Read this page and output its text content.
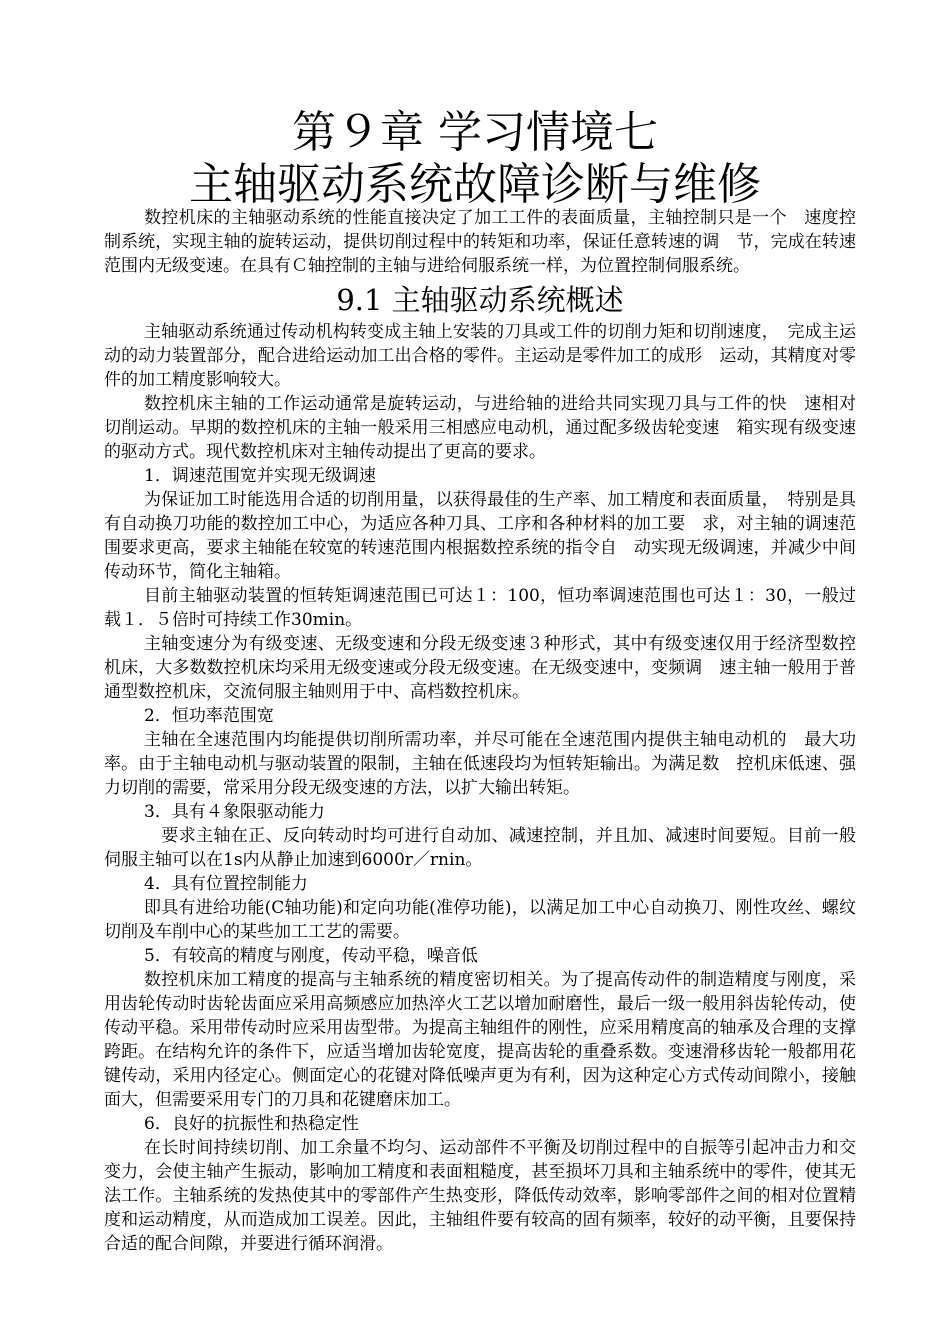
第９章 学习情境七
主轴驱动系统故障诊断与维修

数控机床的主轴驱动系统的性能直接决定了加工工件的表面质量，主轴控制只是一个　速度控制系统，实现主轴的旋转运动，提供切削过程中的转矩和功率，保证任意转速的调　节，完成在转速范围内无级变速。在具有Ｃ轴控制的主轴与进给伺服系统一样，为位置控制伺服系统。

9.1 主轴驱动系统概述

主轴驱动系统通过传动机构转变成主轴上安装的刀具或工件的切削力矩和切削速度，　完成主运动的动力装置部分，配合进给运动加工出合格的零件。主运动是零件加工的成形　运动，其精度对零件的加工精度影响较大。

数控机床主轴的工作运动通常是旋转运动，与进给轴的进给共同实现刀具与工件的快　速相对切削运动。早期的数控机床的主轴一般采用三相感应电动机，通过配多级齿轮变速　箱实现有级变速的驱动方式。现代数控机床对主轴传动提出了更高的要求。

1．调速范围宽并实现无级调速

为保证加工时能选用合适的切削用量，以获得最佳的生产率、加工精度和表面质量，　特别是具有自动换刀功能的数控加工中心，为适应各种刀具、工序和各种材料的加工要　求，对主轴的调速范围要求更高，要求主轴能在较宽的转速范围内根据数控系统的指令自　动实现无级调速，并减少中间传动环节，简化主轴箱。

目前主轴驱动装置的恒转矩调速范围已可达１：100，恒功率调速范围也可达１：30，一般过载１．５倍时可持续工作30min。

主轴变速分为有级变速、无级变速和分段无级变速３种形式，其中有级变速仅用于经济型数控机床，大多数数控机床均采用无级变速或分段无级变速。在无级变速中，变频调　速主轴一般用于普通型数控机床，交流伺服主轴则用于中、高档数控机床。

2．恒功率范围宽

主轴在全速范围内均能提供切削所需功率，并尽可能在全速范围内提供主轴电动机的　最大功率。由于主轴电动机与驱动装置的限制，主轴在低速段均为恒转矩输出。为满足数　控机床低速、强力切削的需要，常采用分段无级变速的方法，以扩大输出转矩。

3．具有４象限驱动能力

　要求主轴在正、反向转动时均可进行自动加、减速控制，并且加、减速时间要短。目前一般伺服主轴可以在1s内从静止加速到6000r／rnin。

4．具有位置控制能力

即具有进给功能(C轴功能)和定向功能(准停功能)，以满足加工中心自动换刀、刚性攻丝、螺纹切削及车削中心的某些加工工艺的需要。

5．有较高的精度与刚度，传动平稳，噪音低

数控机床加工精度的提高与主轴系统的精度密切相关。为了提高传动件的制造精度与刚度，采用齿轮传动时齿轮齿面应采用高频感应加热淬火工艺以增加耐磨性，最后一级一般用斜齿轮传动，使传动平稳。采用带传动时应采用齿型带。为提高主轴组件的刚性，应采用精度高的轴承及合理的支撑跨距。在结构允许的条件下，应适当增加齿轮宽度，提高齿轮的重叠系数。变速滑移齿轮一般都用花键传动，采用内径定心。侧面定心的花键对降低噪声更为有利，因为这种定心方式传动间隙小，接触面大，但需要采用专门的刀具和花键磨床加工。

6．良好的抗振性和热稳定性

在长时间持续切削、加工余量不均匀、运动部件不平衡及切削过程中的自振等引起冲击力和交变力，会使主轴产生振动，影响加工精度和表面粗糙度，甚至损坏刀具和主轴系统中的零件，使其无法工作。主轴系统的发热使其中的零部件产生热变形，降低传动效率，影响零部件之间的相对位置精度和运动精度，从而造成加工误差。因此，主轴组件要有较高的固有频率，较好的动平衡，且要保持合适的配合间隙，并要进行循环润滑。
